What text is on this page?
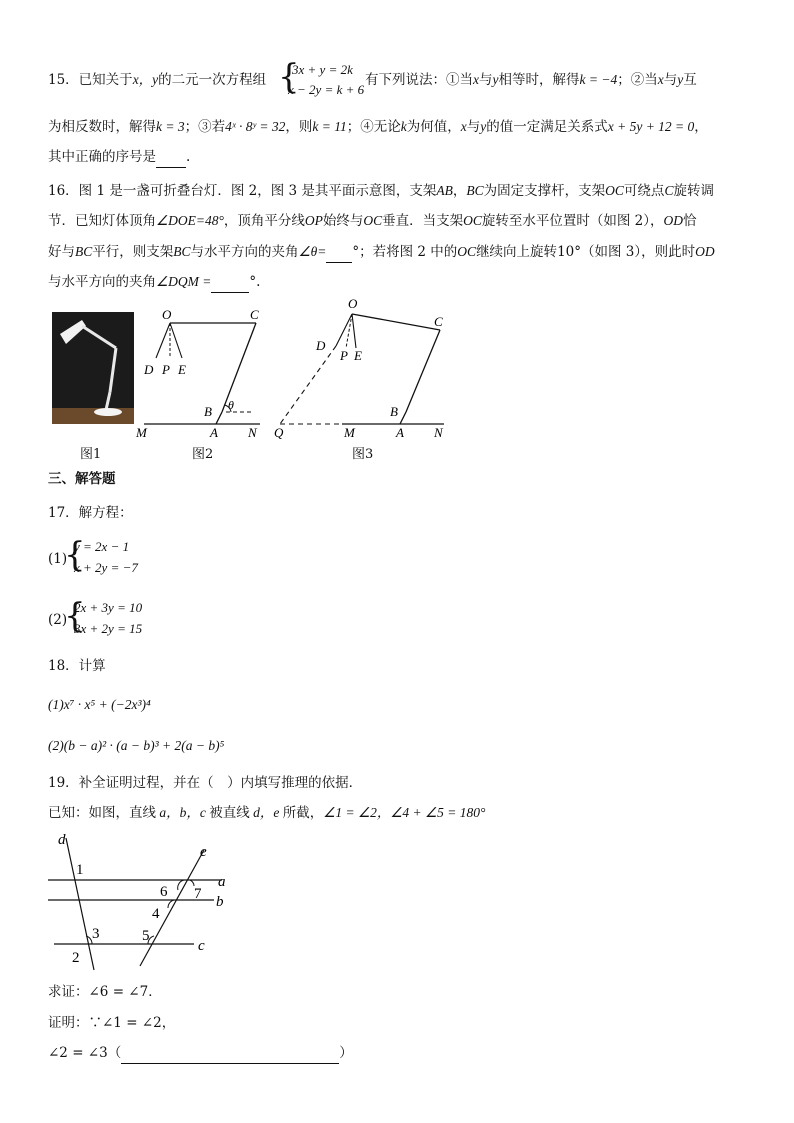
15．已知关于x，y的二元一次方程组 {
3x + y = 2k
x − 2y = k + 6
有下列说法：①当x与y相等时，解得k = −4；②当x与y互
为相反数时，解得k = 3；③若4ˣ · 8ʸ = 32，则k = 11；④无论k为何值，x与y的值一定满足关系式x + 5y + 12 = 0，
其中正确的序号是 .
16．图 1 是一盏可折叠台灯．图 2，图 3 是其平面示意图，支架AB，BC为固定支撑杆，支架OC可绕点C旋转调
节．已知灯体顶角∠DOE=48°，顶角平分线OP始终与OC垂直．当支架OC旋转至水平位置时（如图 2），OD恰
好与BC平行，则支架BC与水平方向的夹角∠θ= °；若将图 2 中的OC继续向上旋转10°（如图 3），则此时OD
与水平方向的夹角∠DQM =	°.
图1
O	C
D P E
B θ
M	A N
图2
O
C
D
P E
B
Q	M	A N
图3
三、解答题
17．解方程：
(1)
{
y = 2x − 1
x + 2y = −7
(2)
{
2x + 3y = 10
3x + 2y = 15
18．计算
(1)x⁷ · x⁵ + (−2x³)⁴
(2)(b − a)² · (a − b)³ + 2(a − b)⁵
19．补全证明过程，并在（　）内填写推理的依据．
已知：如图，直线 a，b，c 被直线 d，e 所截，∠1 = ∠2，∠4 + ∠5 = 180°
d
e
a
b
c
1
2
3
4
5
6 7
求证：∠6 = ∠7．
证明：∵∠1 = ∠2，
∠2 = ∠3（	）
